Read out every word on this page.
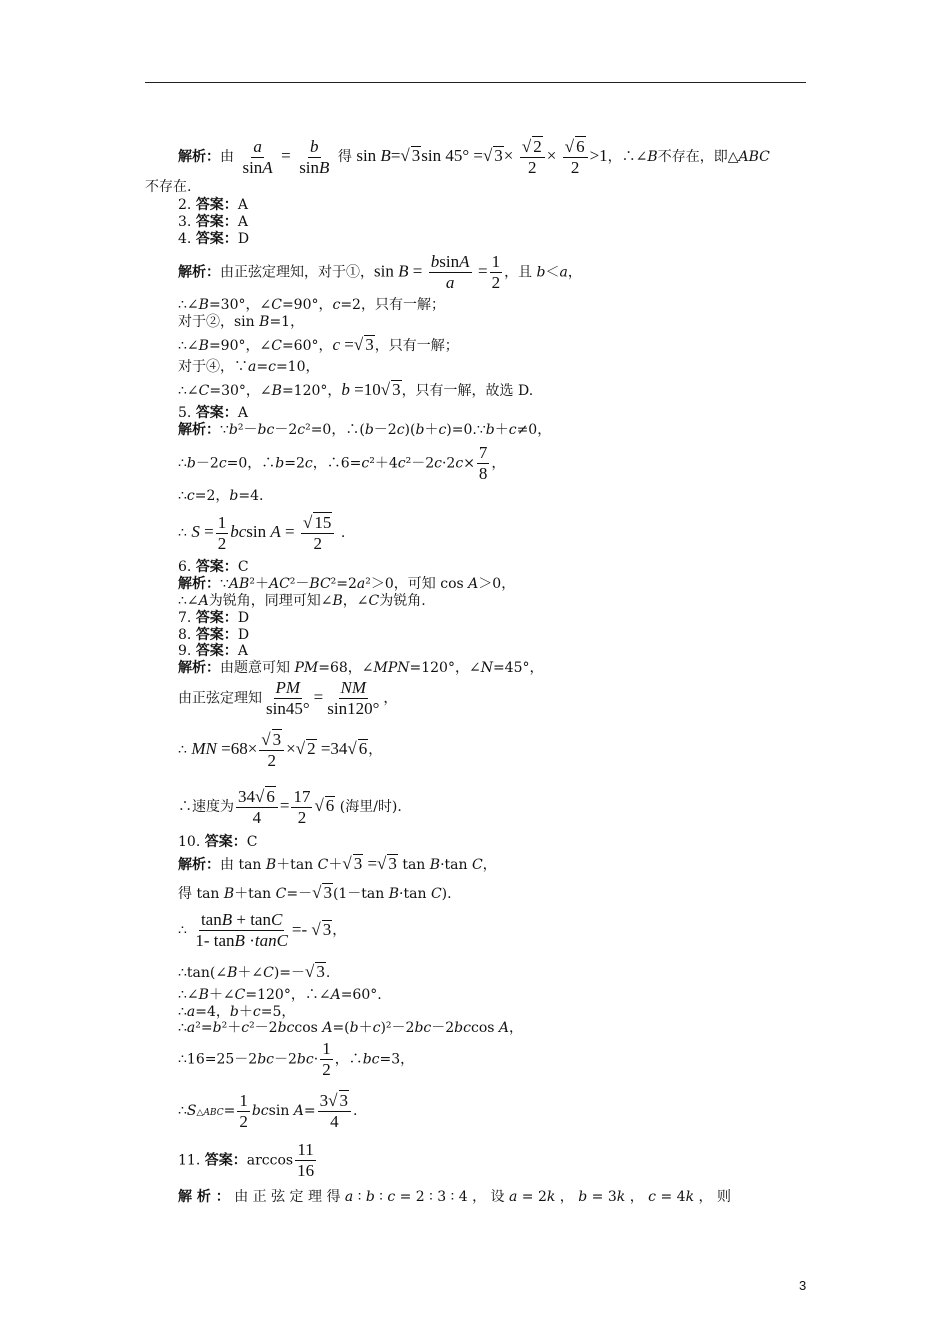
解析：由 $\frac{a}{\sin A} = \frac{b}{\sin B}$ 得 sin B=√ 3sin 45° =√ $3\times \frac{√ 2}{2} \times \frac{√ 6}{2} >1$，∴∠B不存在，即△ABC
不存在.
2. 答案：A
3. 答案：A
4. 答案：D
解析：由正弦定理知，对于①，$\sin B = \frac{bsinA}{a} = \frac{1}{2}$ ，且 b＜a，
∴∠B=30°，∠C=90°，c=2，只有一解；
对于②，sin B=1，
∴∠B=90°，∠C=60°，c =√ 3，只有一解；
对于④，∵a=c=10，
∴∠C=30°，∠B=120°，b =10√ 3，只有一解，故选 D.
5. 答案：A
解析：∵b²－bc－2c²=0，∴(b－2c)(b＋c)=0.∵b＋c≠0，
∴b－2c=0，∴b=2c，∴6=c²＋4c²－2c·2c× $\frac{7}{8}$ ，
∴c=2，b=4.
∴ $S = \frac{1}{2}$ bcsin $A = \frac{√ 15}{2}$ .
6. 答案：C
解析：∵AB²＋AC²－BC²=2a²＞0，可知 cos A＞0，
∴∠A为锐角，同理可知∠B，∠C为锐角.
7. 答案：D
8. 答案：D
9. 答案：A
解析：由题意可知 PM=68，∠MPN=120°，∠N=45°，
由正弦定理知 $\frac{PM}{\sin 45^\circ} = \frac{NM}{\sin 120^\circ}$ ，
∴ MN $=68\times \frac{√ 3}{2}$ ×√ 2 =34√ 6，
∴速度为 $\frac{34√ 6}{4} = \frac{17}{2}$ √ 6 (海里/时).
10. 答案：C
解析：由 tan B＋tan C＋√ 3 =√ 3 tan B·tan C，
得 tan B＋tan C=－√ 3(1－tan B·tan C).
∴ $\frac{\tan B + \tan C}{1- \tan B \cdot\tan C}$ =- √ 3，
∴tan(∠B＋∠C)=－√ 3.
∴∠B＋∠C=120°，∴∠A=60°.
∴a=4，b＋c=5，
∴a²=b²＋c²－2bccos A=(b＋c)²－2bc－2bccos A，
∴16=25－2bc－2bc· $\frac{1}{2}$ ，∴bc=3，
∴S△ABC= $\frac{1}{2}$ bcsin $A= \frac{3√ 3}{4}$ .
11. 答案：$\arccos \frac{11}{16}$
解 析 ： 由 正 弦 定 理 得 a ∶ b ∶ c = 2 ∶ 3 ∶ 4 ， 设 a = 2k ， b = 3k ， c = 4k ， 则
3
